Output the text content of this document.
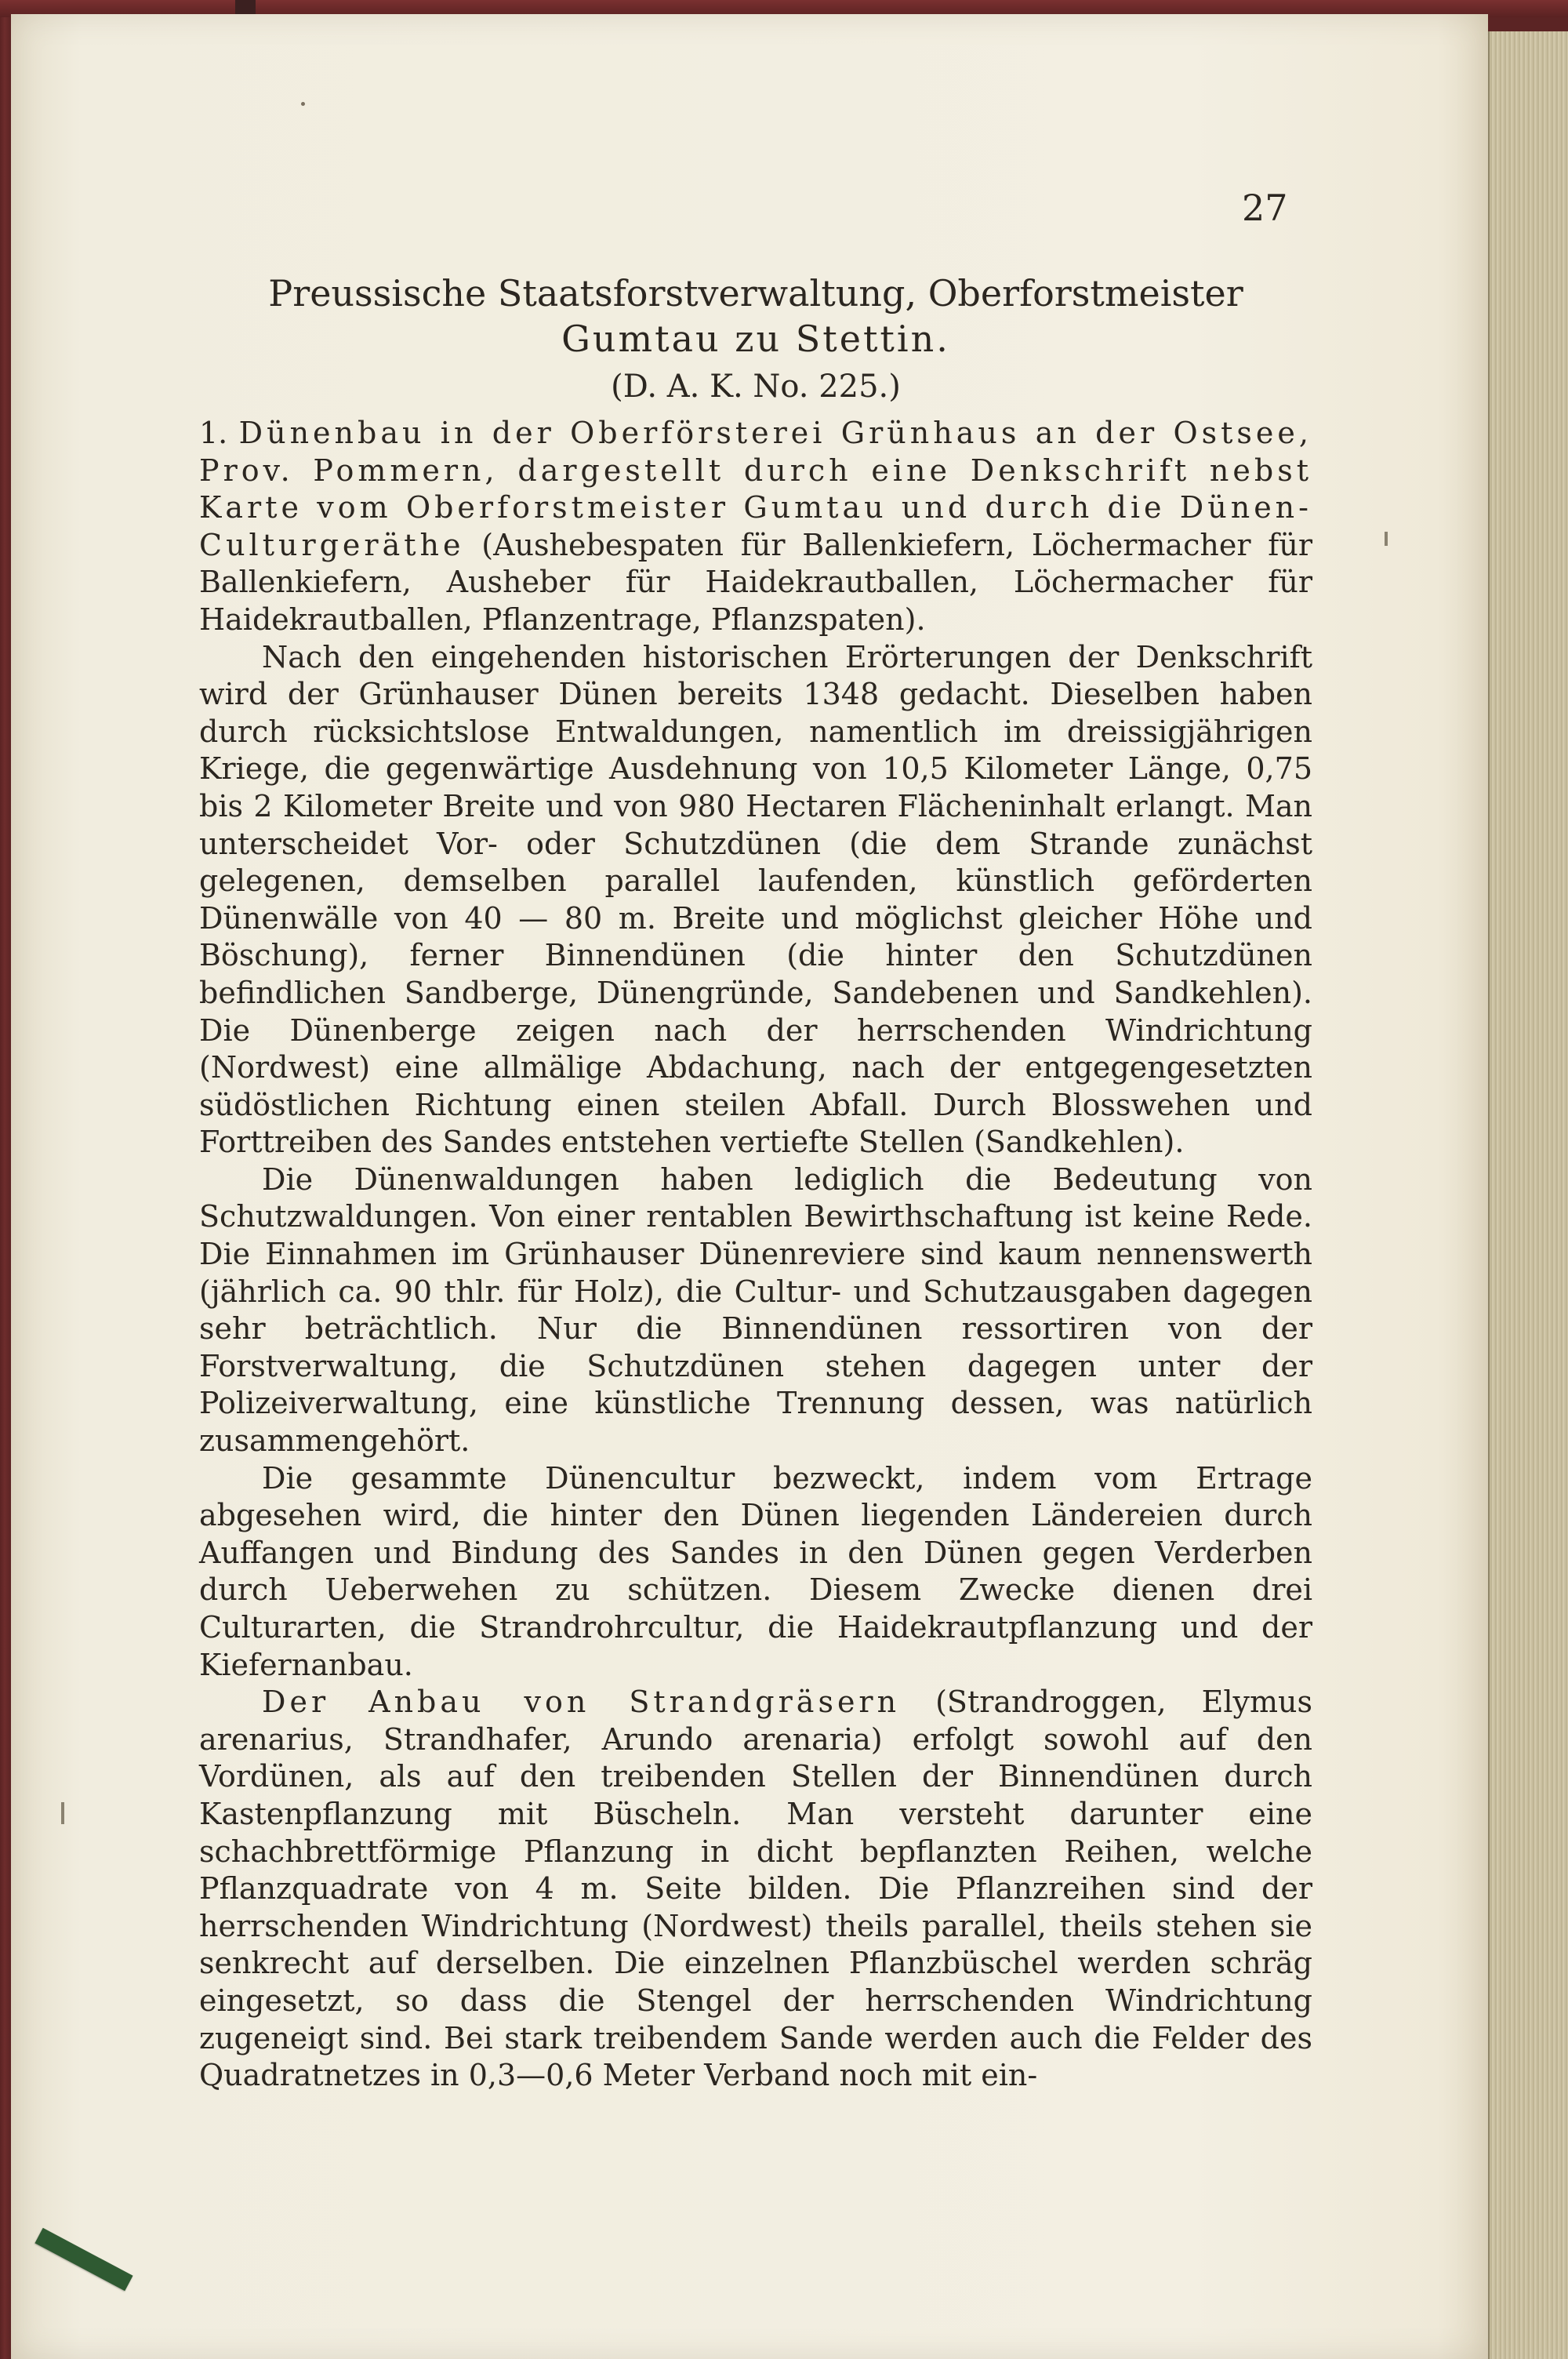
27
Preussische Staatsforstverwaltung, Oberforstmeister
Gumtau zu Stettin.
(D. A. K. No. 225.)
1. Dünenbau in der Oberförsterei Grünhaus an der Ostsee, Prov. Pommern, dargestellt durch eine Denkschrift nebst Karte vom Oberforstmeister Gumtau und durch die Dünen-Culturgeräthe (Aushebespaten für Ballenkiefern, Löchermacher für Ballenkiefern, Ausheber für Haidekrautballen, Löchermacher für Haidekrautballen, Pflanzentrage, Pflanzspaten).

Nach den eingehenden historischen Erörterungen der Denkschrift wird der Grünhauser Dünen bereits 1348 gedacht. Dieselben haben durch rücksichtslose Entwaldungen, namentlich im dreissigjährigen Kriege, die gegenwärtige Ausdehnung von 10,5 Kilometer Länge, 0,75 bis 2 Kilometer Breite und von 980 Hectaren Flächeninhalt erlangt. Man unterscheidet Vor- oder Schutzdünen (die dem Strande zunächst gelegenen, demselben parallel laufenden, künstlich geförderten Dünenwälle von 40 — 80 m. Breite und möglichst gleicher Höhe und Böschung), ferner Binnendünen (die hinter den Schutzdünen befindlichen Sandberge, Dünengründe, Sandebenen und Sandkehlen). Die Dünenberge zeigen nach der herrschenden Windrichtung (Nordwest) eine allmälige Abdachung, nach der entgegengesetzten südöstlichen Richtung einen steilen Abfall. Durch Blosswehen und Forttreiben des Sandes entstehen vertiefte Stellen (Sandkehlen).

Die Dünenwaldungen haben lediglich die Bedeutung von Schutzwaldungen. Von einer rentablen Bewirthschaftung ist keine Rede. Die Einnahmen im Grünhauser Dünenreviere sind kaum nennenswerth (jährlich ca. 90 thlr. für Holz), die Cultur- und Schutzausgaben dagegen sehr beträchtlich. Nur die Binnendünen ressortiren von der Forstverwaltung, die Schutzdünen stehen dagegen unter der Polizeiverwaltung, eine künstliche Trennung dessen, was natürlich zusammengehört.

Die gesammte Dünencultur bezweckt, indem vom Ertrage abgesehen wird, die hinter den Dünen liegenden Ländereien durch Auffangen und Bindung des Sandes in den Dünen gegen Verderben durch Ueberwehen zu schützen. Diesem Zwecke dienen drei Culturarten, die Strandrohrcultur, die Haidekrautpflanzung und der Kiefernanbau.

Der Anbau von Strandgräsern (Strandroggen, Elymus arenarius, Strandhafer, Arundo arenaria) erfolgt sowohl auf den Vordünen, als auf den treibenden Stellen der Binnendünen durch Kastenpflanzung mit Büscheln. Man versteht darunter eine schachbrettförmige Pflanzung in dicht bepflanzten Reihen, welche Pflanzquadrate von 4 m. Seite bilden. Die Pflanzreihen sind der herrschenden Windrichtung (Nordwest) theils parallel, theils stehen sie senkrecht auf derselben. Die einzelnen Pflanzbüschel werden schräg eingesetzt, so dass die Stengel der herrschenden Windrichtung zugeneigt sind. Bei stark treibendem Sande werden auch die Felder des Quadratnetzes in 0,3—0,6 Meter Verband noch mit ein-
